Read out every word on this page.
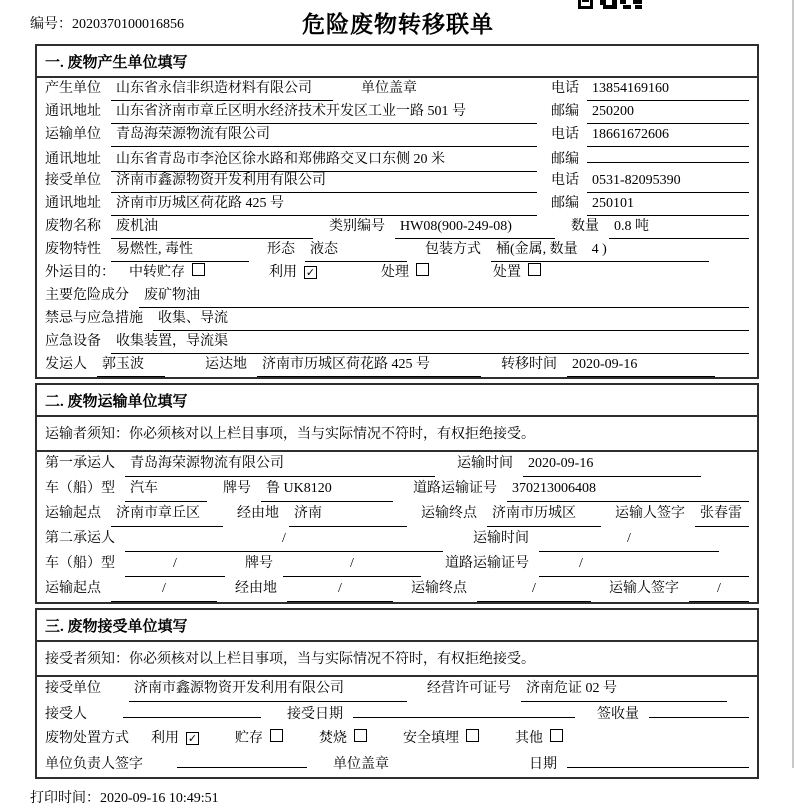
编号：2020370100016856	危险废物转移联单
一. 废物产生单位填写
产生单位	山东省永信非织造材料有限公司	单位盖章	电话 13854169160
通讯地址	山东省济南市章丘区明水经济技术开发区工业一路 501 号	邮编 250200
运输单位	青岛海荣源物流有限公司	电话 18661672606
通讯地址	山东省青岛市李沧区徐水路和郑佛路交叉口东侧 20 米	邮编
接受单位	济南市鑫源物资开发利用有限公司	电话 0531-82095390
通讯地址	济南市历城区荷花路 425 号	邮编 250101
废物名称	废机油	类别编号	HW08(900-249-08)	数量	0.8 吨
废物特性	易燃性, 毒性	形态	液态	包装方式	桶(金属, 数量　4 )
外运目的： 中转贮存	利用 ✓	处理	处置
主要危险成分	废矿物油
禁忌与应急措施	收集、导流
应急设备	收集装置，导流渠
发运人	郭玉波	运达地	济南市历城区荷花路 425 号	转移时间	2020-09-16
二. 废物运输单位填写
运输者须知：你必须核对以上栏目事项，当与实际情况不符时，有权拒绝接受。
第一承运人	青岛海荣源物流有限公司	运输时间	2020-09-16
车（船）型	汽车	牌号	鲁 UK8120	道路运输证号	370213006408
运输起点	济南市章丘区	经由地	济南	运输终点	济南市历城区	运输人签字	张春雷
第二承运人	/	运输时间	/
车（船）型	/	牌号	/	道路运输证号	/
运输起点	/	经由地	/	运输终点	/	运输人签字	/
三. 废物接受单位填写
接受者须知：你必须核对以上栏目事项，当与实际情况不符时，有权拒绝接受。
接受单位	济南市鑫源物资开发利用有限公司	经营许可证号	济南危证 02 号
接受人	接受日期	签收量
废物处置方式 利用 ✓	贮存	焚烧	安全填埋	其他
单位负责人签字	单位盖章	日期
打印时间：2020-09-16 10:49:51
